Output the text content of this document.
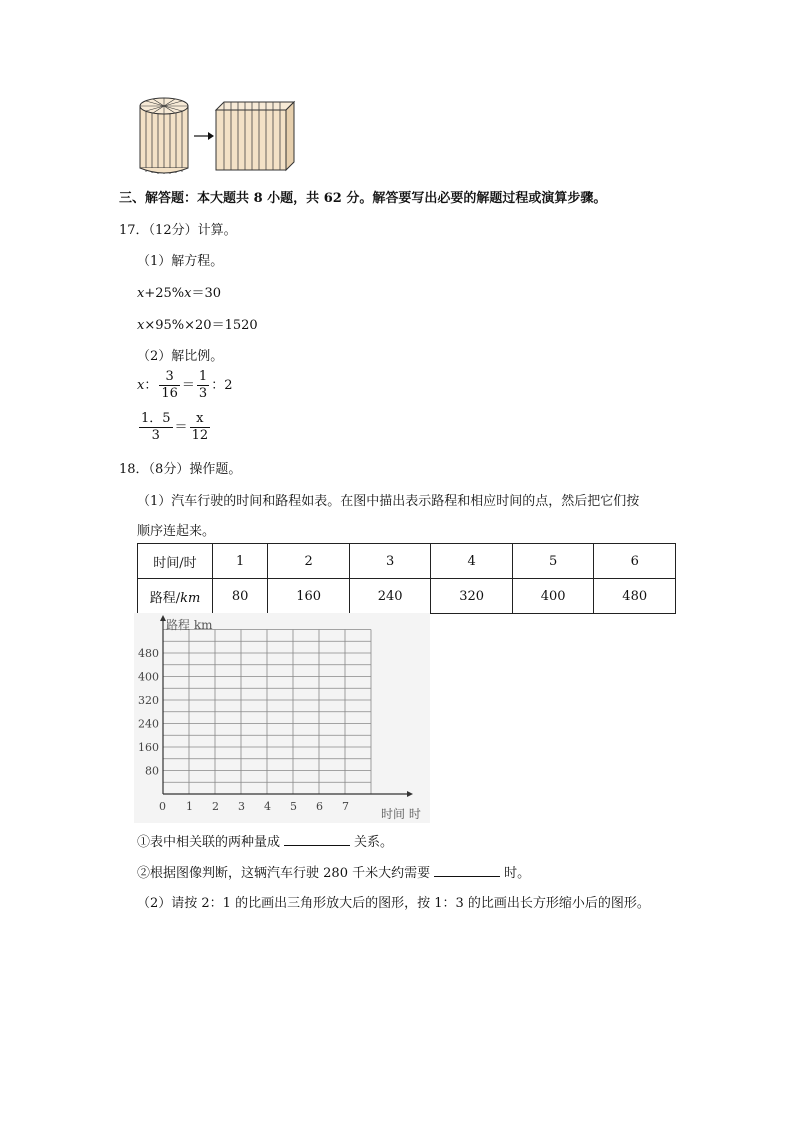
三、解答题：本大题共 8 小题，共 62 分。解答要写出必要的解题过程或演算步骤。
17．（12分）计算。
（1）解方程。
x+25%x＝30
x×95%×20＝1520
（2）解比例。
x： $\frac{3}{16} = \frac{1}{3}$ ：2
$\frac{1.5}{3} = \frac{x}{12}$
18．（8分）操作题。
（1）汽车行驶的时间和路程如表。在图中描出表示路程和相应时间的点，然后把它们按
顺序连起来。
时间/时	1	2	3	4	5	6
路程/km	80	160	240	320	400	480
0 1 2 3 4 5 6 7
80
160
240
320
400
480
路程 km
时间 时
①表中相关联的两种量成	关系。
②根据图像判断，这辆汽车行驶 280 千米大约需要	时。
（2）请按 2：1 的比画出三角形放大后的图形，按 1：3 的比画出长方形缩小后的图形。
